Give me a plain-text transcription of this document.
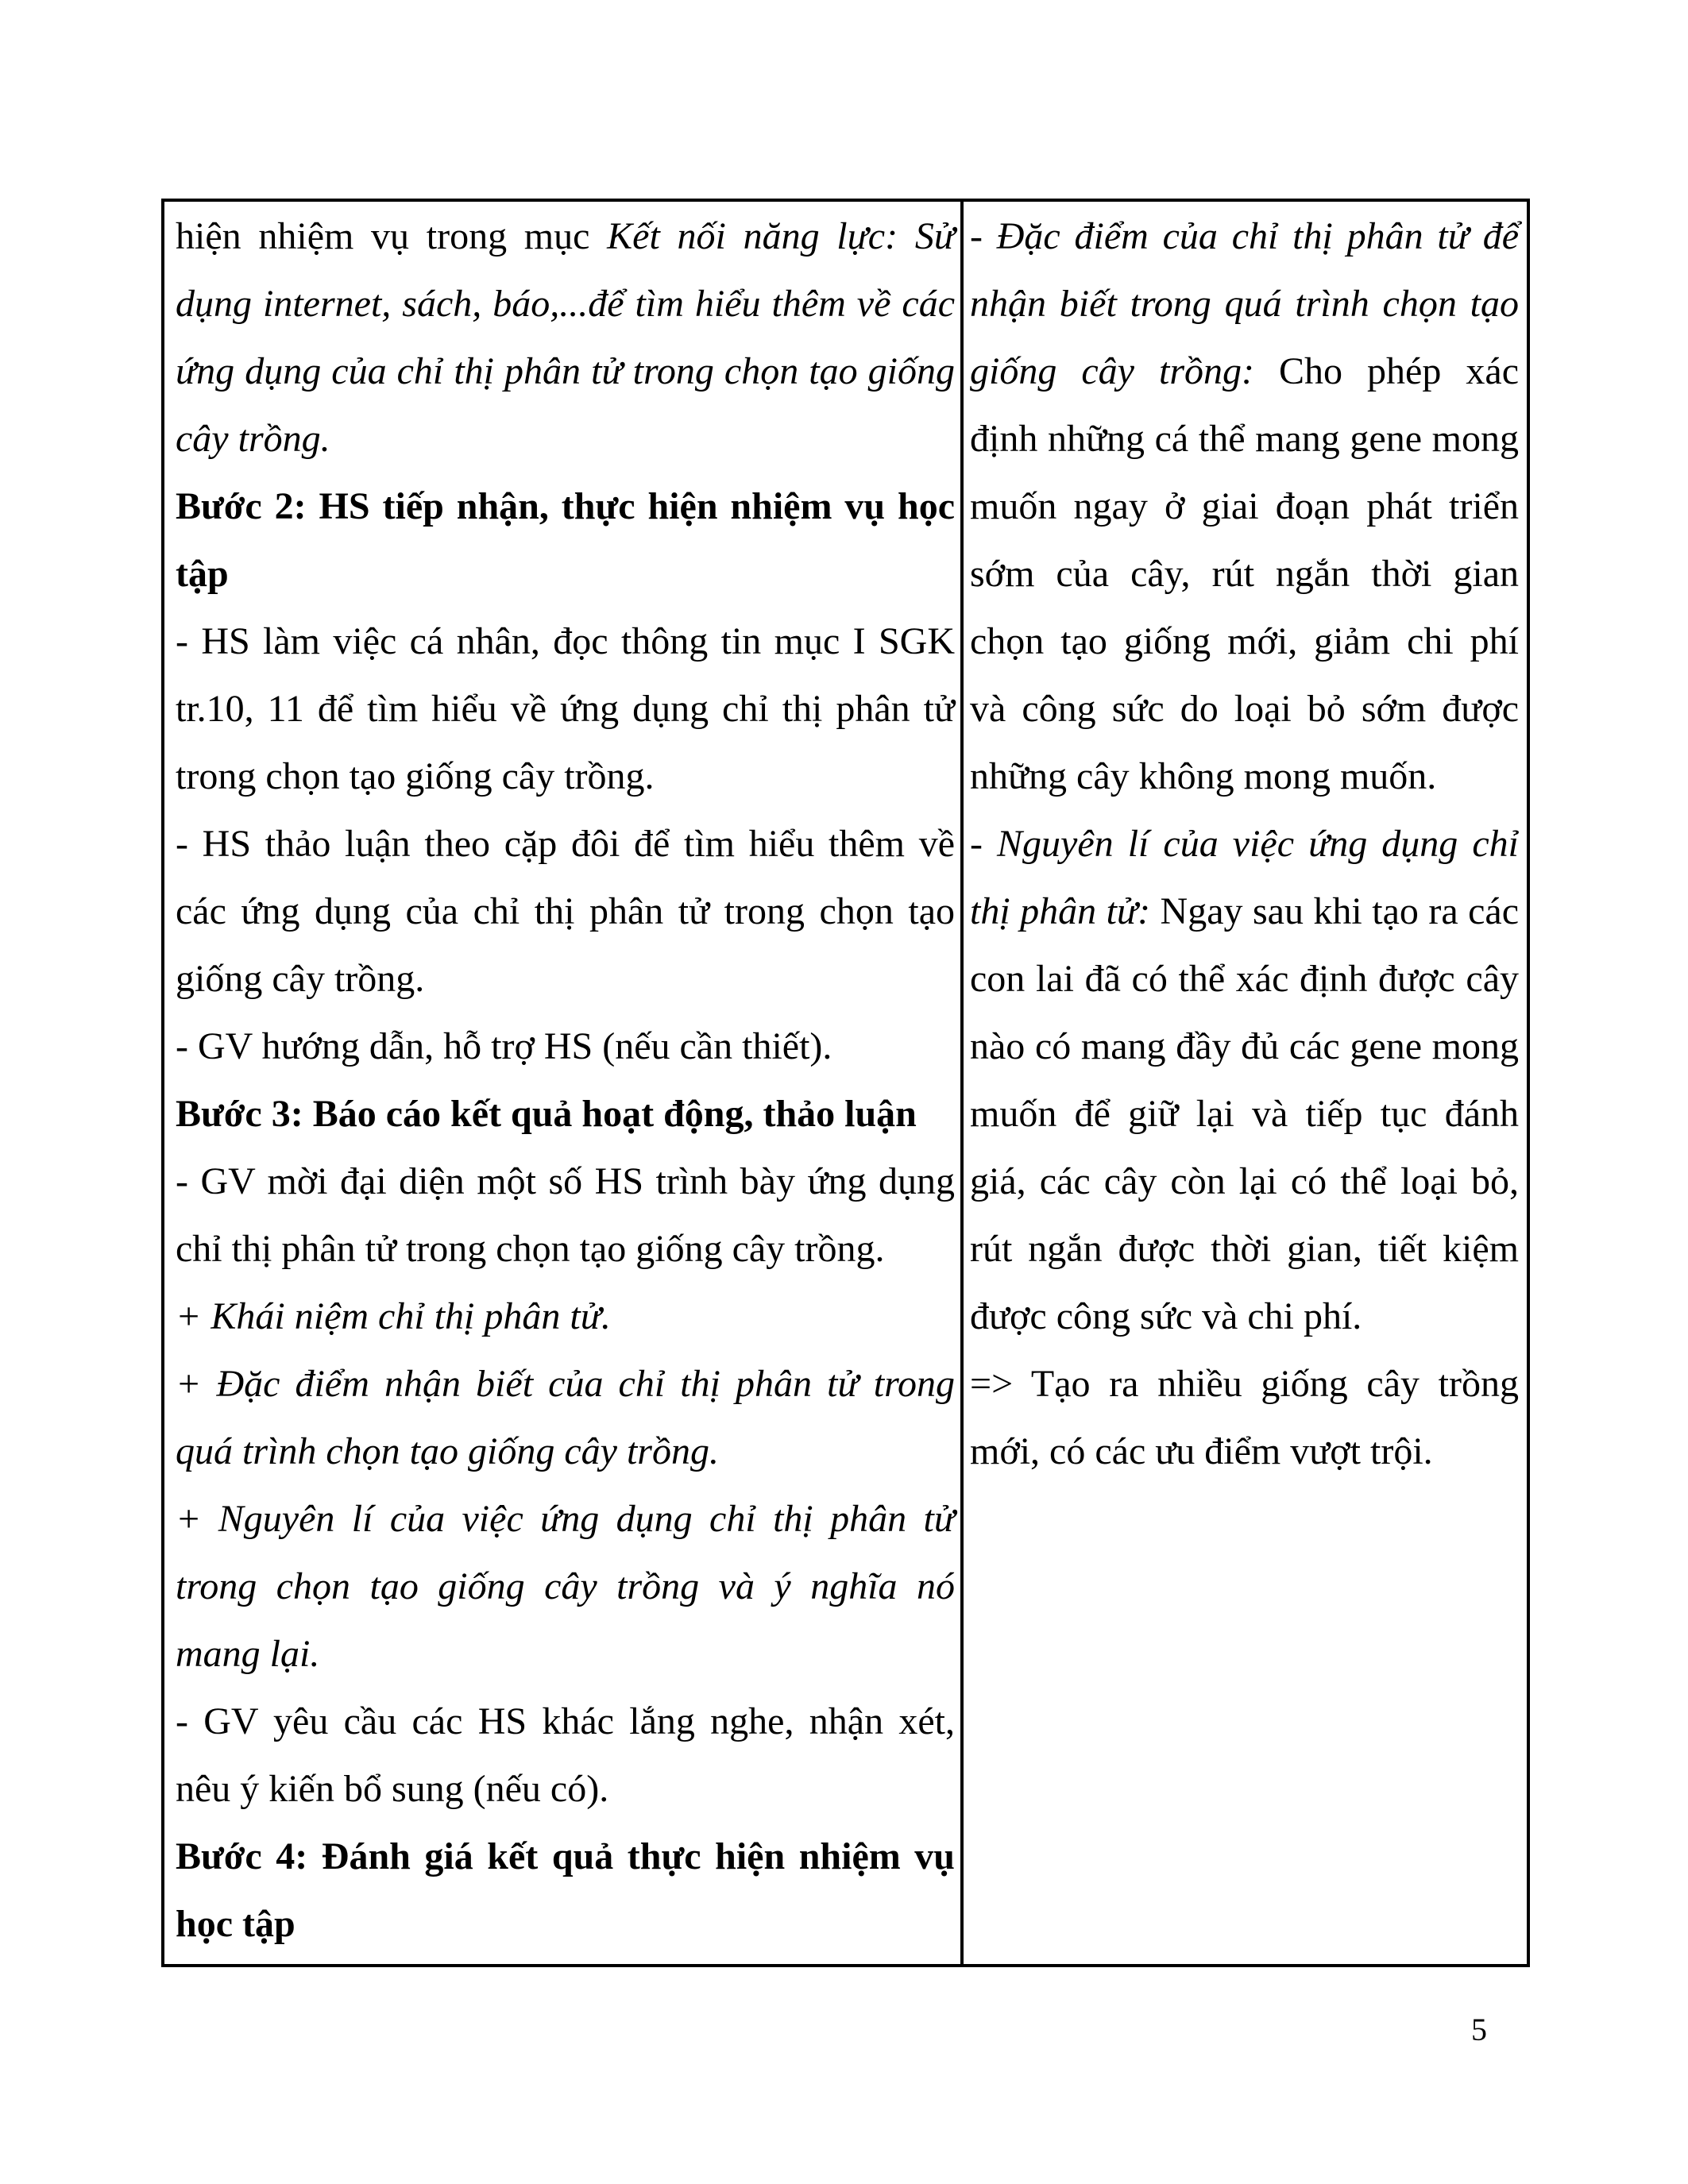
hiện nhiệm vụ trong mục Kết nối năng lực: Sử dụng internet, sách, báo,...để tìm hiểu thêm về các ứng dụng của chỉ thị phân tử trong chọn tạo giống cây trồng.
Bước 2: HS tiếp nhận, thực hiện nhiệm vụ học tập
- HS làm việc cá nhân, đọc thông tin mục I SGK tr.10, 11 để tìm hiểu về ứng dụng chỉ thị phân tử trong chọn tạo giống cây trồng.
- HS thảo luận theo cặp đôi để tìm hiểu thêm về các ứng dụng của chỉ thị phân tử trong chọn tạo giống cây trồng.
- GV hướng dẫn, hỗ trợ HS (nếu cần thiết).
Bước 3: Báo cáo kết quả hoạt động, thảo luận
- GV mời đại diện một số HS trình bày ứng dụng chỉ thị phân tử trong chọn tạo giống cây trồng.
+ Khái niệm chỉ thị phân tử.
+ Đặc điểm nhận biết của chỉ thị phân tử trong quá trình chọn tạo giống cây trồng.
+ Nguyên lí của việc ứng dụng chỉ thị phân tử trong chọn tạo giống cây trồng và ý nghĩa nó mang lại.
- GV yêu cầu các HS khác lắng nghe, nhận xét, nêu ý kiến bổ sung (nếu có).
Bước 4: Đánh giá kết quả thực hiện nhiệm vụ học tập
- Đặc điểm của chỉ thị phân tử để nhận biết trong quá trình chọn tạo giống cây trồng: Cho phép xác định những cá thể mang gene mong muốn ngay ở giai đoạn phát triển sớm của cây, rút ngắn thời gian chọn tạo giống mới, giảm chi phí và công sức do loại bỏ sớm được những cây không mong muốn.
- Nguyên lí của việc ứng dụng chỉ thị phân tử: Ngay sau khi tạo ra các con lai đã có thể xác định được cây nào có mang đầy đủ các gene mong muốn để giữ lại và tiếp tục đánh giá, các cây còn lại có thể loại bỏ, rút ngắn được thời gian, tiết kiệm được công sức và chi phí.
=> Tạo ra nhiều giống cây trồng mới, có các ưu điểm vượt trội.
5
